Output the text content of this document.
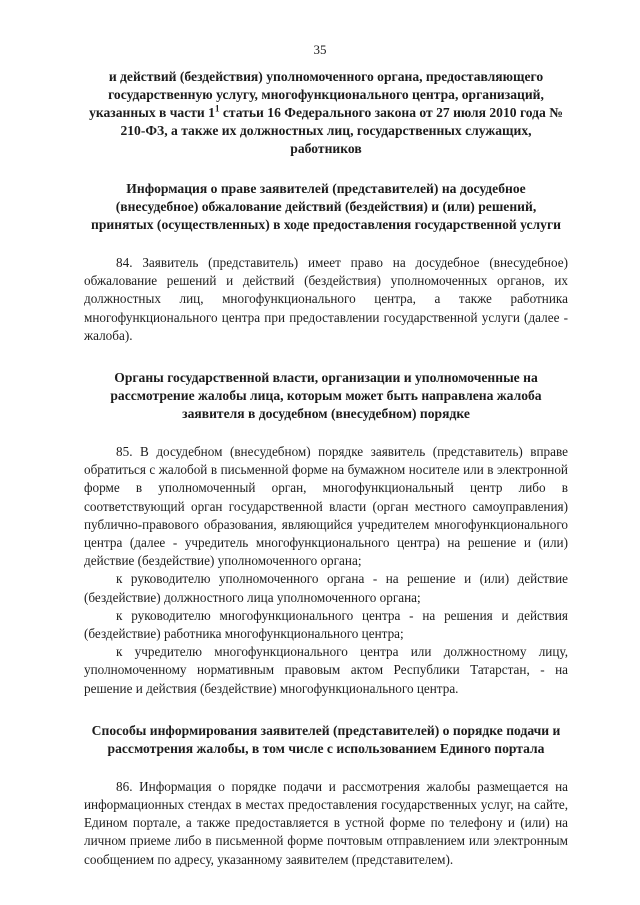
35

и действий (бездействия) уполномоченного органа, предоставляющего государственную услугу, многофункционального центра, организаций, указанных в части $1^1$ статьи 16 Федерального закона от 27 июля 2010 года № 210-ФЗ, а также их должностных лиц, государственных служащих, работников

Информация о праве заявителей (представителей) на досудебное (внесудебное) обжалование действий (бездействия) и (или) решений, принятых (осуществленных) в ходе предоставления государственной услуги

84. Заявитель (представитель) имеет право на досудебное (внесудебное) обжалование решений и действий (бездействия) уполномоченных органов, их должностных лиц, многофункционального центра, а также работника многофункционального центра при предоставлении государственной услуги (далее - жалоба).

Органы государственной власти, организации и уполномоченные на рассмотрение жалобы лица, которым может быть направлена жалоба заявителя в досудебном (внесудебном) порядке

85. В досудебном (внесудебном) порядке заявитель (представитель) вправе обратиться с жалобой в письменной форме на бумажном носителе или в электронной форме в уполномоченный орган, многофункциональный центр либо в соответствующий орган государственной власти (орган местного самоуправления) публично-правового образования, являющийся учредителем многофункционального центра (далее - учредитель многофункционального центра) на решение и (или) действие (бездействие) уполномоченного органа;

к руководителю уполномоченного органа - на решение и (или) действие (бездействие) должностного лица уполномоченного органа;

к руководителю многофункционального центра - на решения и действия (бездействие) работника многофункционального центра;

к учредителю многофункционального центра или должностному лицу, уполномоченному нормативным правовым актом Республики Татарстан, - на решение и действия (бездействие) многофункционального центра.

Способы информирования заявителей (представителей) о порядке подачи и рассмотрения жалобы, в том числе с использованием Единого портала

86. Информация о порядке подачи и рассмотрения жалобы размещается на информационных стендах в местах предоставления государственных услуг, на сайте, Едином портале, а также предоставляется в устной форме по телефону и (или) на личном приеме либо в письменной форме почтовым отправлением или электронным сообщением по адресу, указанному заявителем (представителем).
